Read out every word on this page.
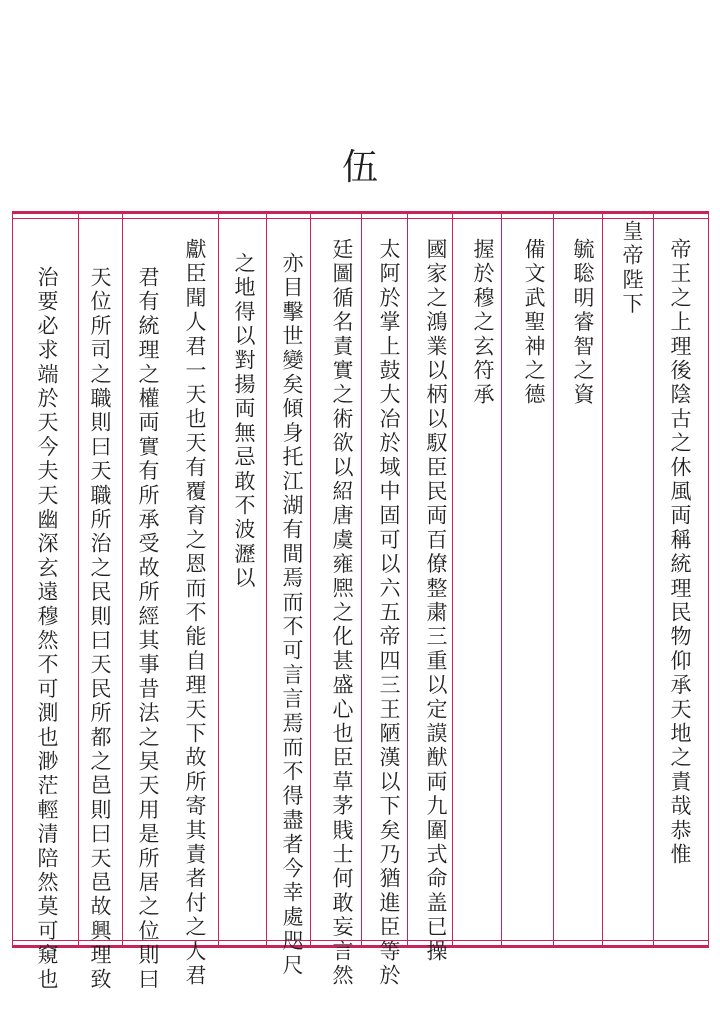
伍
帝王之上理後陰古之休風両稱統理民物仰承天地之責哉恭惟
皇帝陛下
毓聡明睿智之資
備文武聖神之德
握於穆之玄符承
國家之鴻業以柄以馭臣民両百僚整粛三重以定謨猷両九圍式命盖已操
太阿於掌上鼓大冶於域中固可以六五帝四三王陋漢以下矣乃猶進臣等於
廷圖循名責實之術欲以紹唐虞雍熈之化甚盛心也臣草茅賎士何敢妄言然
亦目擊世變矣傾身托江湖有間焉而不可言言焉而不得盡者今幸處咫尺
之地得以對揚両無忌敢不波瀝以
獻臣聞人君一天也天有覆育之恩而不能自理天下故所寄其責者付之人君
君有統理之權両實有所承受故所經其事昔法之旲天用是所居之位則曰
天位所司之職則曰天職所治之民則曰天民所都之邑則曰天邑故興理致
治要必求端於天今夫天幽深玄遠穆然不可測也渺茫輕清陪然莫可窺也
